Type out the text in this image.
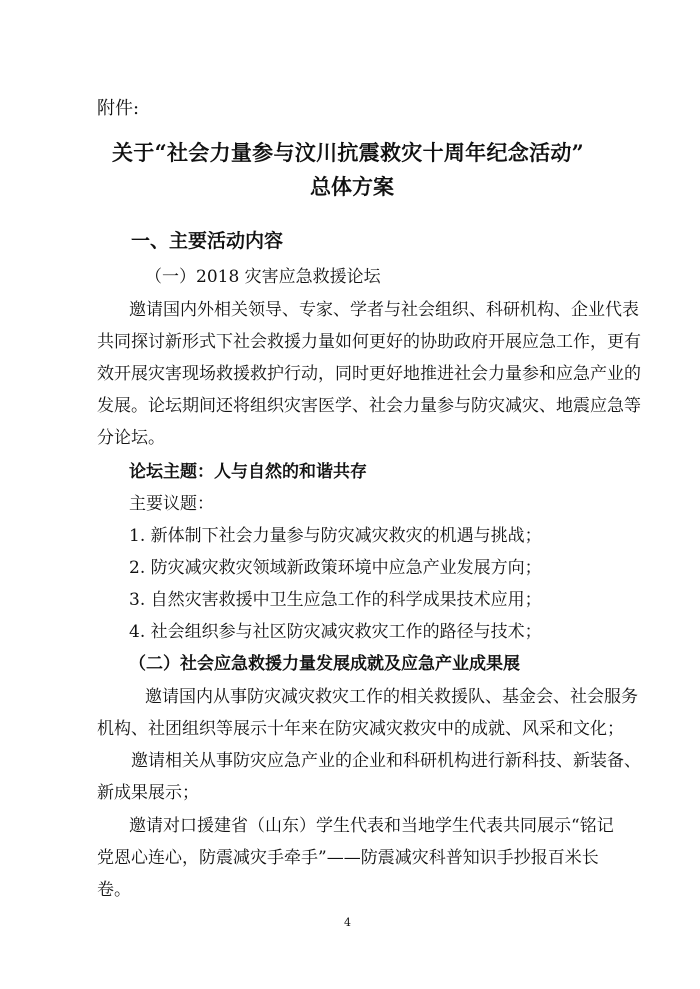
附件:

关于“社会力量参与汶川抗震救灾十周年纪念活动”

总体方案

一、主要活动内容

（一）2018 灾害应急救援论坛

邀请国内外相关领导、专家、学者与社会组织、科研机构、企业代表

共同探讨新形式下社会救援力量如何更好的协助政府开展应急工作，更有

效开展灾害现场救援救护行动，同时更好地推进社会力量参和应急产业的

发展。论坛期间还将组织灾害医学、社会力量参与防灾减灾、地震应急等

分论坛。

论坛主题：人与自然的和谐共存

主要议题：

1. 新体制下社会力量参与防灾减灾救灾的机遇与挑战；

2. 防灾减灾救灾领域新政策环境中应急产业发展方向；

3. 自然灾害救援中卫生应急工作的科学成果技术应用；

4. 社会组织参与社区防灾减灾救灾工作的路径与技术；

（二）社会应急救援力量发展成就及应急产业成果展

邀请国内从事防灾减灾救灾工作的相关救援队、基金会、社会服务

机构、社团组织等展示十年来在防灾减灾救灾中的成就、风采和文化；

邀请相关从事防灾应急产业的企业和科研机构进行新科技、新装备、

新成果展示；

邀请对口援建省（山东）学生代表和当地学生代表共同展示“铭记

党恩心连心，防震减灾手牵手”——防震减灾科普知识手抄报百米长

卷。

4
